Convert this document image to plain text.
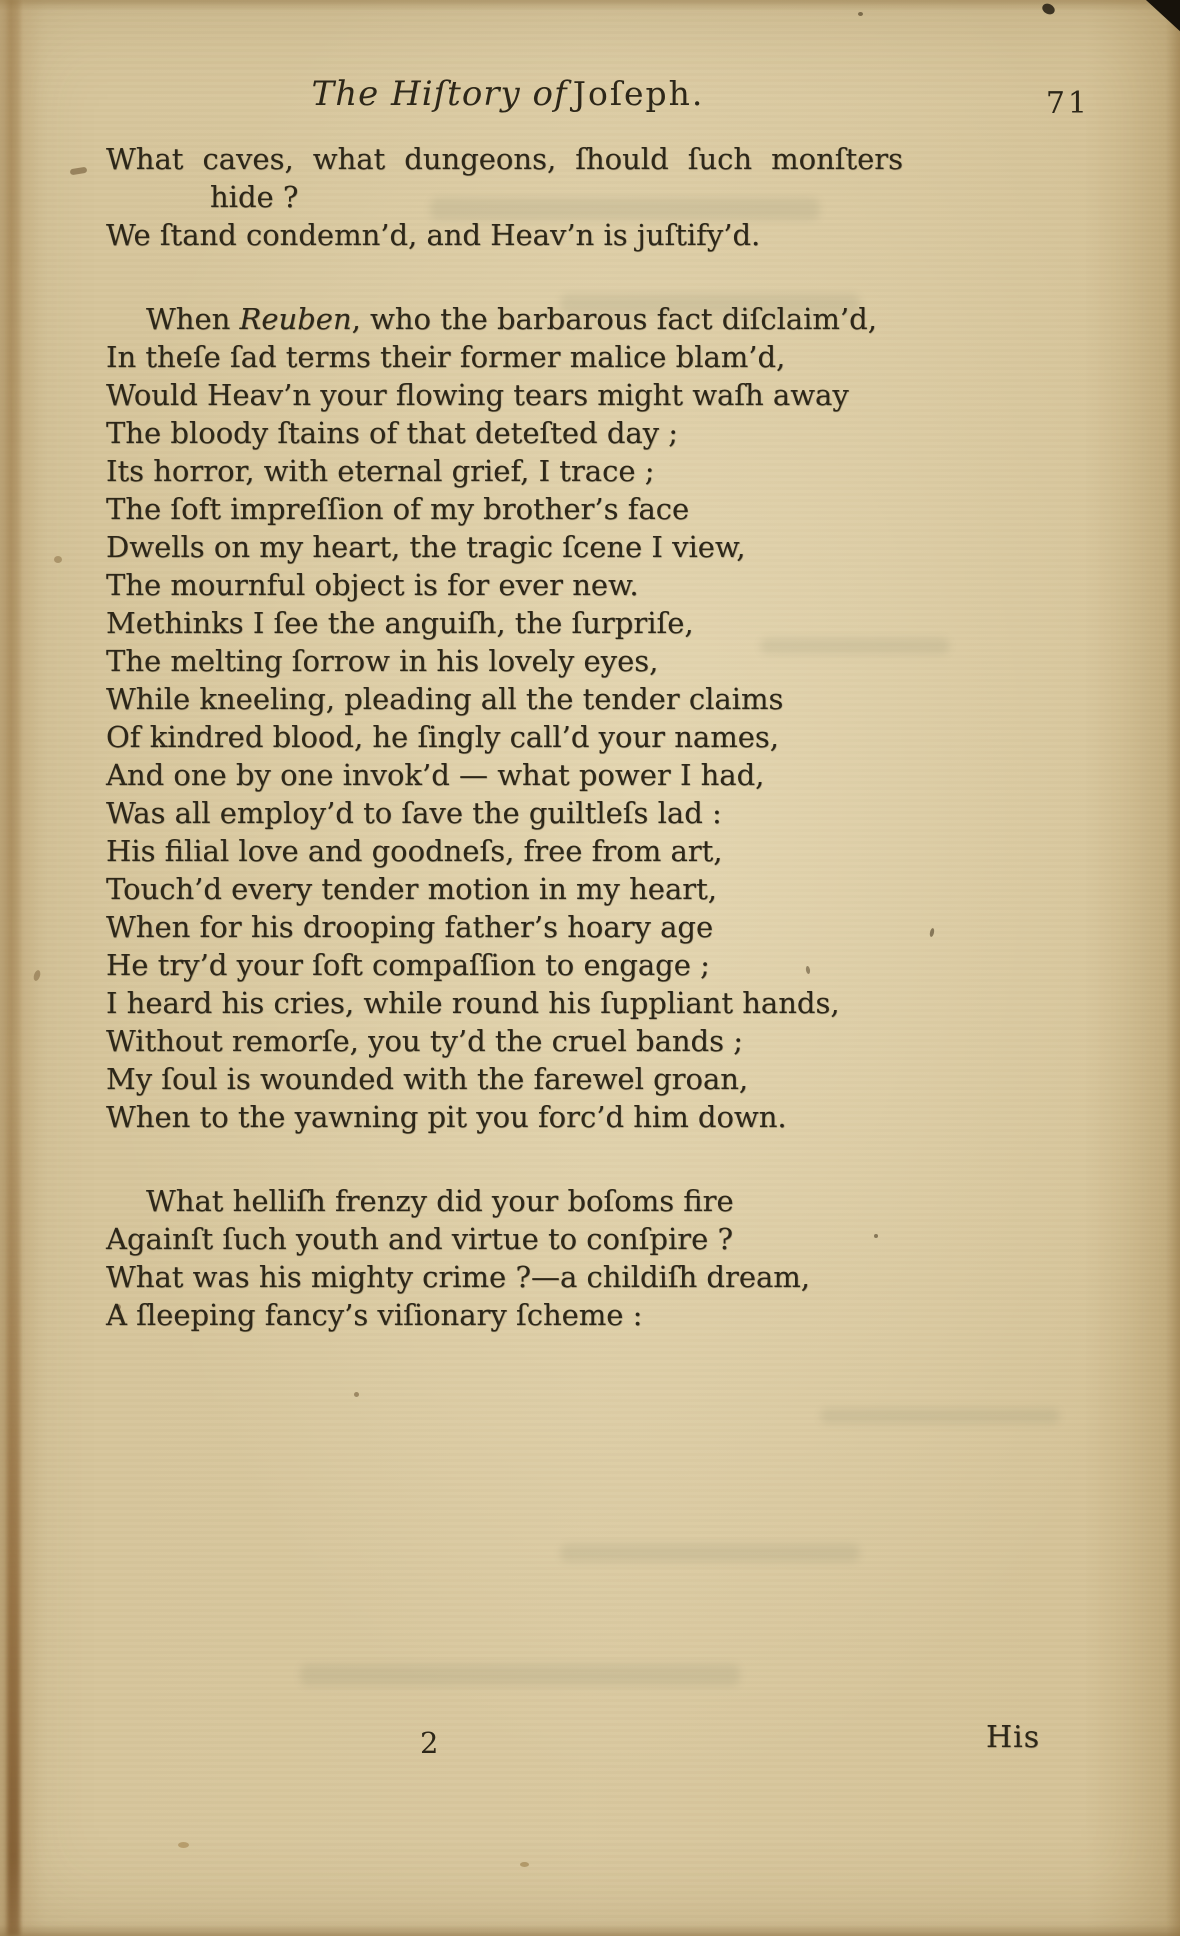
The Hiſtory of Joſeph.	71
What caves, what dungeons, ſhould ſuch monſters
hide ?
We ſtand condemn’d, and Heav’n is juſtify’d.
When Reuben, who the barbarous fact diſclaim’d,
In theſe ſad terms their former malice blam’d,
Would Heav’n your flowing tears might waſh away
The bloody ſtains of that deteſted day ;
Its horror, with eternal grief, I trace ;
The ſoft impreſſion of my brother’s face
Dwells on my heart, the tragic ſcene I view,
The mournful object is for ever new.
Methinks I ſee the anguiſh, the ſurpriſe,
The melting ſorrow in his lovely eyes,
While kneeling, pleading all the tender claims
Of kindred blood, he ſingly call’d your names,
And one by one invok’d — what power I had,
Was all employ’d to ſave the guiltleſs lad :
His filial love and goodneſs, free from art,
Touch’d every tender motion in my heart,
When for his drooping father’s hoary age
He try’d your ſoft compaſſion to engage ;
I heard his cries, while round his ſuppliant hands,
Without remorſe, you ty’d the cruel bands ;
My ſoul is wounded with the farewel groan,
When to the yawning pit you forc’d him down.
What helliſh frenzy did your boſoms fire
Againſt ſuch youth and virtue to conſpire ?
What was his mighty crime ?—a childiſh dream,
A ſleeping fancy’s viſionary ſcheme :
2	His
